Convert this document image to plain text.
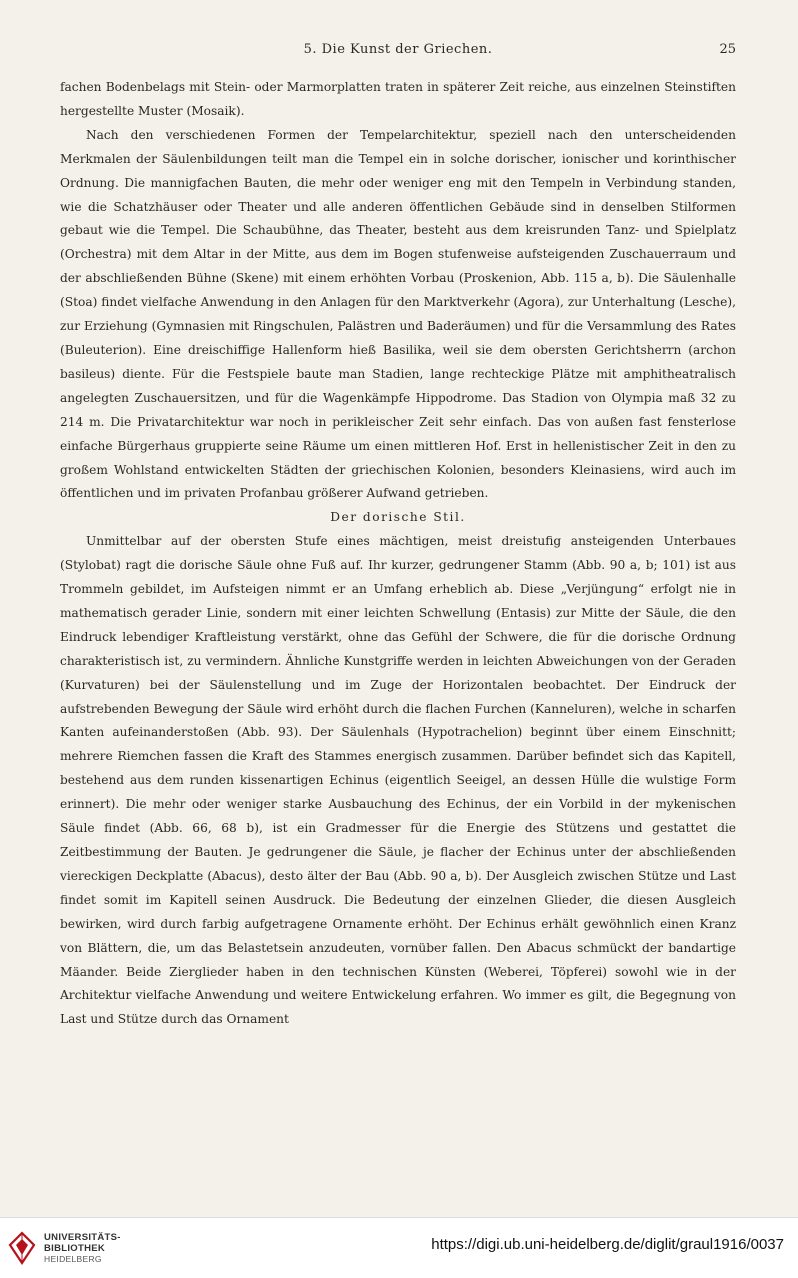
5. Die Kunst der Griechen.	25

fachen Bodenbelags mit Stein- oder Marmorplatten traten in späterer Zeit reiche, aus einzelnen Steinstiften hergestellte Muster (Mosaik).

Nach den verschiedenen Formen der Tempelarchitektur, speziell nach den unterscheidenden Merkmalen der Säulenbildungen teilt man die Tempel ein in solche dorischer, ionischer und korinthischer Ordnung. Die mannigfachen Bauten, die mehr oder weniger eng mit den Tempeln in Verbindung standen, wie die Schatzhäuser oder Theater und alle anderen öffentlichen Gebäude sind in denselben Stilformen gebaut wie die Tempel. Die Schaubühne, das Theater, besteht aus dem kreisrunden Tanz- und Spielplatz (Orchestra) mit dem Altar in der Mitte, aus dem im Bogen stufenweise aufsteigenden Zuschauerraum und der abschließenden Bühne (Skene) mit einem erhöhten Vorbau (Proskenion, Abb. 115 a, b). Die Säulenhalle (Stoa) findet vielfache Anwendung in den Anlagen für den Marktverkehr (Agora), zur Unterhaltung (Lesche), zur Erziehung (Gymnasien mit Ringschulen, Palästren und Baderäumen) und für die Versammlung des Rates (Buleuterion). Eine dreischiffige Hallenform hieß Basilika, weil sie dem obersten Gerichtsherrn (archon basileus) diente. Für die Festspiele baute man Stadien, lange rechteckige Plätze mit amphitheatralisch angelegten Zuschauersitzen, und für die Wagenkämpfe Hippodrome. Das Stadion von Olympia maß 32 zu 214 m. Die Privatarchitektur war noch in perikleischer Zeit sehr einfach. Das von außen fast fensterlose einfache Bürgerhaus gruppierte seine Räume um einen mittleren Hof. Erst in hellenistischer Zeit in den zu großem Wohlstand entwickelten Städten der griechischen Kolonien, besonders Kleinasiens, wird auch im öffentlichen und im privaten Profanbau größerer Aufwand getrieben.

Der dorische Stil.

Unmittelbar auf der obersten Stufe eines mächtigen, meist dreistufig ansteigenden Unterbaues (Stylobat) ragt die dorische Säule ohne Fuß auf. Ihr kurzer, gedrungener Stamm (Abb. 90 a, b; 101) ist aus Trommeln gebildet, im Aufsteigen nimmt er an Umfang erheblich ab. Diese „Verjüngung“ erfolgt nie in mathematisch gerader Linie, sondern mit einer leichten Schwellung (Entasis) zur Mitte der Säule, die den Eindruck lebendiger Kraftleistung verstärkt, ohne das Gefühl der Schwere, die für die dorische Ordnung charakteristisch ist, zu vermindern. Ähnliche Kunstgriffe werden in leichten Abweichungen von der Geraden (Kurvaturen) bei der Säulenstellung und im Zuge der Horizontalen beobachtet. Der Eindruck der aufstrebenden Bewegung der Säule wird erhöht durch die flachen Furchen (Kanneluren), welche in scharfen Kanten aufeinanderstoßen (Abb. 93). Der Säulenhals (Hypotrachelion) beginnt über einem Einschnitt; mehrere Riemchen fassen die Kraft des Stammes energisch zusammen. Darüber befindet sich das Kapitell, bestehend aus dem runden kissenartigen Echinus (eigentlich Seeigel, an dessen Hülle die wulstige Form erinnert). Die mehr oder weniger starke Ausbauchung des Echinus, der ein Vorbild in der mykenischen Säule findet (Abb. 66, 68 b), ist ein Gradmesser für die Energie des Stützens und gestattet die Zeitbestimmung der Bauten. Je gedrungener die Säule, je flacher der Echinus unter der abschließenden viereckigen Deckplatte (Abacus), desto älter der Bau (Abb. 90 a, b). Der Ausgleich zwischen Stütze und Last findet somit im Kapitell seinen Ausdruck. Die Bedeutung der einzelnen Glieder, die diesen Ausgleich bewirken, wird durch farbig aufgetragene Ornamente erhöht. Der Echinus erhält gewöhnlich einen Kranz von Blättern, die, um das Belastetsein anzudeuten, vornüber fallen. Den Abacus schmückt der bandartige Mäander. Beide Zierglieder haben in den technischen Künsten (Weberei, Töpferei) sowohl wie in der Architektur vielfache Anwendung und weitere Entwickelung erfahren. Wo immer es gilt, die Begegnung von Last und Stütze durch das Ornament

UNIVERSITÄTS-
BIBLIOTHEK
HEIDELBERG
https://digi.ub.uni-heidelberg.de/diglit/graul1916/0037
